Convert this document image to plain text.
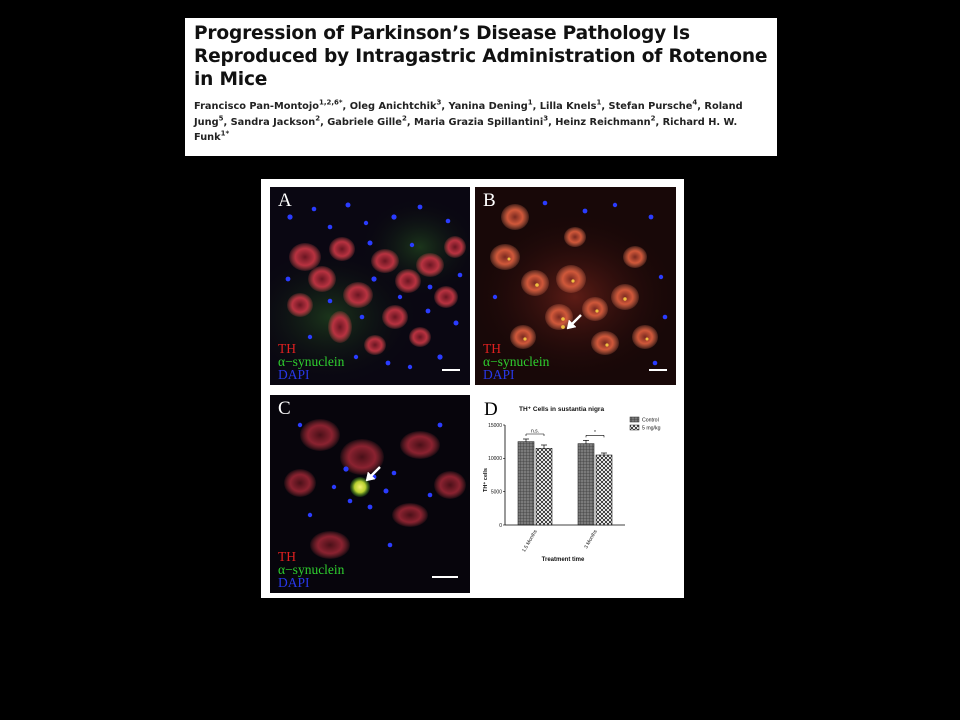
Progression of Parkinson’s Disease Pathology Is
Reproduced by Intragastric Administration of Rotenone
in Mice
Francisco Pan-Montojo$^{1,2,6*}$, Oleg Anichtchik$^3$, Yanina Dening$^1$, Lilla Knels$^1$, Stefan Pursche$^4$, Roland Jung$^5$, Sandra Jackson$^2$, Gabriele Gille$^2$, Maria Grazia Spillantini$^3$, Heinz Reichmann$^2$, Richard H. W. Funk$^{1*}$
A
TH
α−synuclein
DAPI
B
TH
α−synuclein
DAPI
C
TH
α−synuclein
DAPI
TH⁺ Cells in sustantia nigra
0
5000
10000
15000
1.5 Months	3 Months
n.s.	*
Control
5 mg/kg
Treatment time
TH⁺ cells
D
